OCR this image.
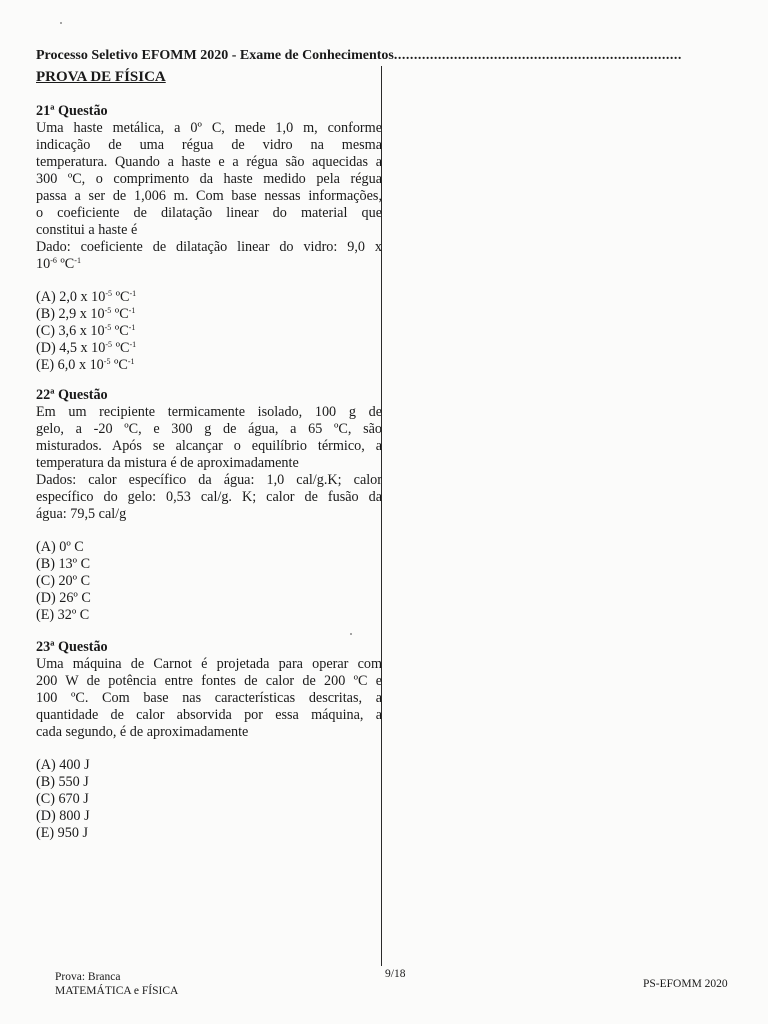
Processo Seletivo EFOMM 2020 - Exame de Conhecimentos........................................................................
PROVA DE FÍSICA
21ª Questão
Uma haste metálica, a 0º C, mede 1,0 m, conforme
indicação de uma régua de vidro na mesma
temperatura. Quando a haste e a régua são aquecidas a
300 ºC, o comprimento da haste medido pela régua
passa a ser de 1,006 m. Com base nessas informações,
o coeficiente de dilatação linear do material que
constitui a haste é
Dado: coeficiente de dilatação linear do vidro: 9,0 x
$10^{-6}$ ºC$^{-1}$
(A) 2,0 x $10^{-5}$ ºC$^{-1}$
(B) 2,9 x $10^{-5}$ ºC$^{-1}$
(C) 3,6 x $10^{-5}$ ºC$^{-1}$
(D) 4,5 x $10^{-5}$ ºC$^{-1}$
(E) 6,0 x $10^{-5}$ ºC$^{-1}$
22ª Questão
Em um recipiente termicamente isolado, 100 g de
gelo, a -20 ºC, e 300 g de água, a 65 ºC, são
misturados. Após se alcançar o equilíbrio térmico, a
temperatura da mistura é de aproximadamente
Dados: calor específico da água: 1,0 cal/g.K; calor
específico do gelo: 0,53 cal/g. K; calor de fusão da
água: 79,5 cal/g
(A) 0º C
(B) 13º C
(C) 20º C
(D) 26º C
(E) 32º C
23ª Questão
Uma máquina de Carnot é projetada para operar com
200 W de potência entre fontes de calor de 200 ºC e
100 ºC. Com base nas características descritas, a
quantidade de calor absorvida por essa máquina, a
cada segundo, é de aproximadamente
(A) 400 J
(B) 550 J
(C) 670 J
(D) 800 J
(E) 950 J
Prova: Branca
MATEMÁTICA e FÍSICA
9/18
PS-EFOMM 2020
